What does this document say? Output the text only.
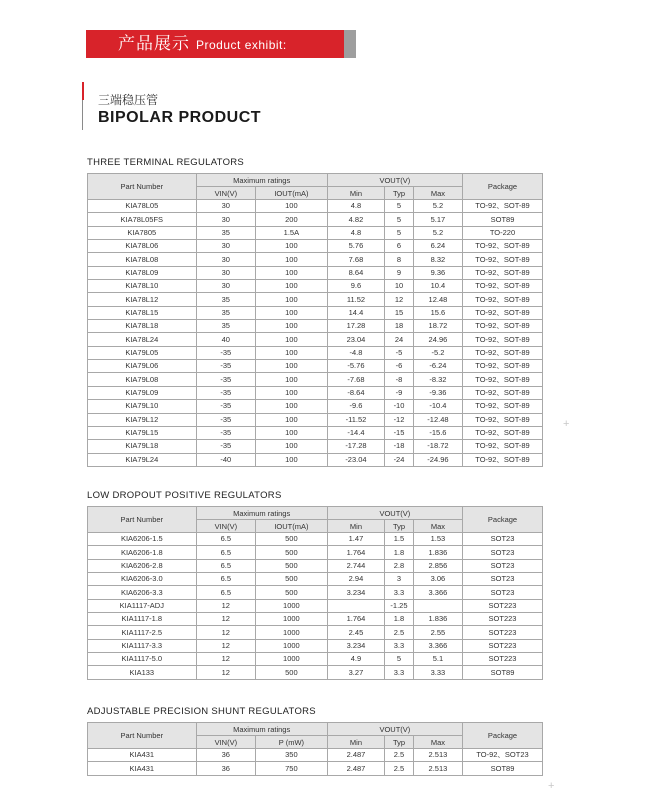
产品展示 Product exhibit:
三端稳压管
BIPOLAR PRODUCT
THREE TERMINAL REGULATORS
Part Number	Maximum ratings		VOUT(V)			Package
	VIN(V)	IOUT(mA)	Min	Typ	Max	
KIA78L05	30	100	4.8	5	5.2	TO-92、SOT-89
KIA78L05FS	30	200	4.82	5	5.17	SOT89
KIA7805	35	1.5A	4.8	5	5.2	TO-220
KIA78L06	30	100	5.76	6	6.24	TO-92、SOT-89
KIA78L08	30	100	7.68	8	8.32	TO-92、SOT-89
KIA78L09	30	100	8.64	9	9.36	TO-92、SOT-89
KIA78L10	30	100	9.6	10	10.4	TO-92、SOT-89
KIA78L12	35	100	11.52	12	12.48	TO-92、SOT-89
KIA78L15	35	100	14.4	15	15.6	TO-92、SOT-89
KIA78L18	35	100	17.28	18	18.72	TO-92、SOT-89
KIA78L24	40	100	23.04	24	24.96	TO-92、SOT-89
KIA79L05	-35	100	-4.8	-5	-5.2	TO-92、SOT-89
KIA79L06	-35	100	-5.76	-6	-6.24	TO-92、SOT-89
KIA79L08	-35	100	-7.68	-8	-8.32	TO-92、SOT-89
KIA79L09	-35	100	-8.64	-9	-9.36	TO-92、SOT-89
KIA79L10	-35	100	-9.6	-10	-10.4	TO-92、SOT-89
KIA79L12	-35	100	-11.52	-12	-12.48	TO-92、SOT-89
KIA79L15	-35	100	-14.4	-15	-15.6	TO-92、SOT-89
KIA79L18	-35	100	-17.28	-18	-18.72	TO-92、SOT-89
KIA79L24	-40	100	-23.04	-24	-24.96	TO-92、SOT-89
LOW DROPOUT POSITIVE REGULATORS
Part Number	Maximum ratings		VOUT(V)			Package
	VIN(V)	IOUT(mA)	Min	Typ	Max	
KIA6206-1.5	6.5	500	1.47	1.5	1.53	SOT23
KIA6206-1.8	6.5	500	1.764	1.8	1.836	SOT23
KIA6206-2.8	6.5	500	2.744	2.8	2.856	SOT23
KIA6206-3.0	6.5	500	2.94	3	3.06	SOT23
KIA6206-3.3	6.5	500	3.234	3.3	3.366	SOT23
KIA1117-ADJ	12	1000		-1.25		SOT223
KIA1117-1.8	12	1000	1.764	1.8	1.836	SOT223
KIA1117-2.5	12	1000	2.45	2.5	2.55	SOT223
KIA1117-3.3	12	1000	3.234	3.3	3.366	SOT223
KIA1117-5.0	12	1000	4.9	5	5.1	SOT223
KIA133	12	500	3.27	3.3	3.33	SOT89
ADJUSTABLE PRECISION SHUNT REGULATORS
Part Number	Maximum ratings		VOUT(V)			Package
	VIN(V)	P (mW)	Min	Typ	Max	
KIA431	36	350	2.487	2.5	2.513	TO-92、SOT23
KIA431	36	750	2.487	2.5	2.513	SOT89
+
+
